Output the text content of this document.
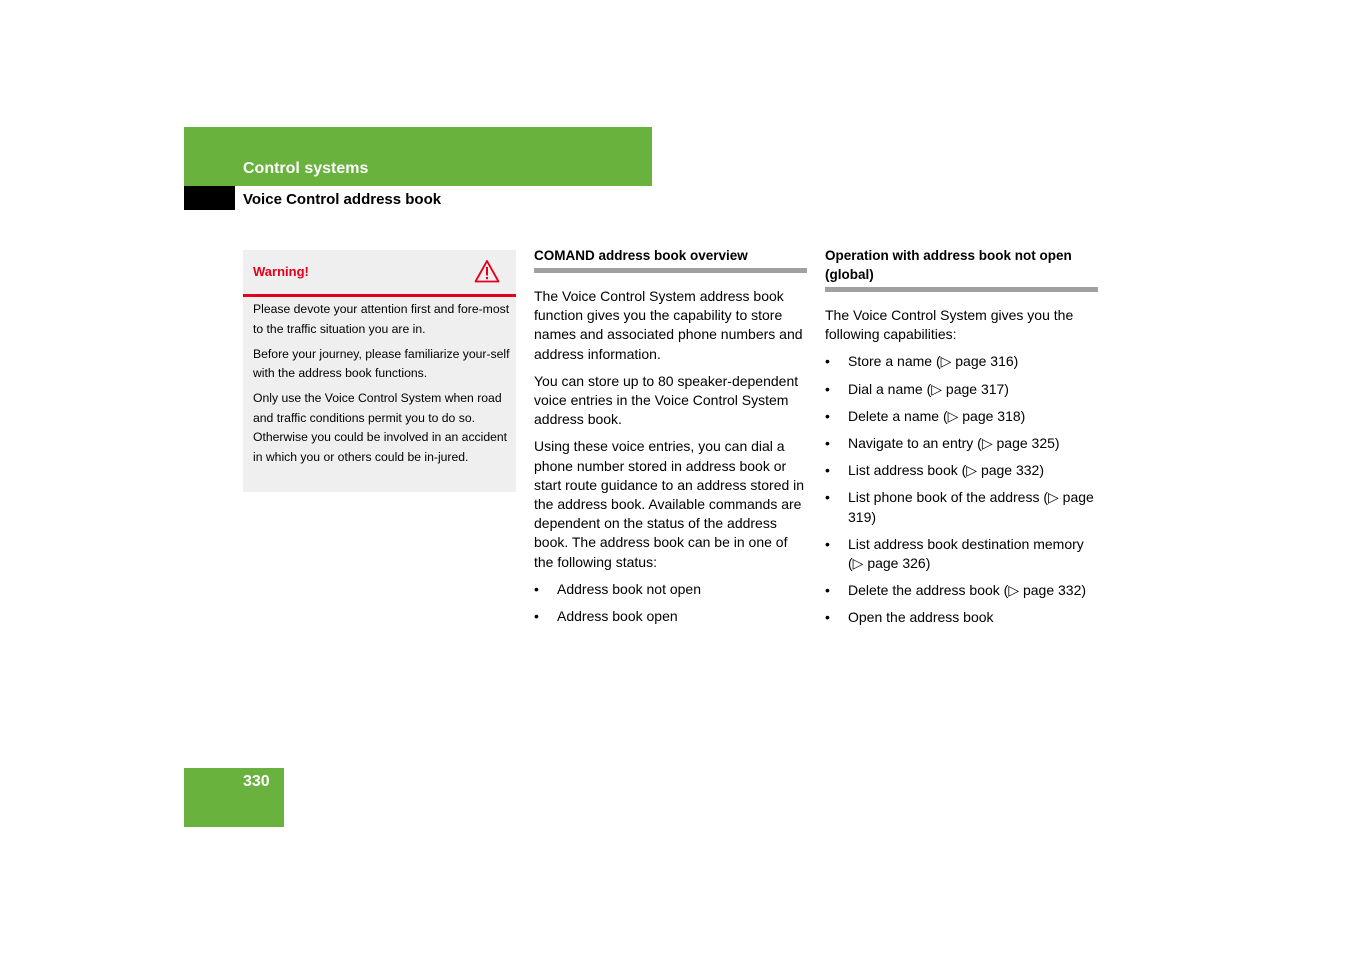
Control systems
Voice Control address book
Warning!

Please devote your attention first and fore-most to the traffic situation you are in.

Before your journey, please familiarize your-self with the address book functions.

Only use the Voice Control System when road and traffic conditions permit you to do so. Otherwise you could be involved in an accident in which you or others could be in-jured.

COMAND address book overview

The Voice Control System address book function gives you the capability to store names and associated phone numbers and address information.

You can store up to 80 speaker-dependent voice entries in the Voice Control System address book.

Using these voice entries, you can dial a phone number stored in address book or start route guidance to an address stored in the address book. Available commands are dependent on the status of the address book. The address book can be in one of the following status:

• Address book not open
• Address book open
Operation with address book not open (global)

The Voice Control System gives you the following capabilities:

• Store a name (▷ page 316)
• Dial a name (▷ page 317)
• Delete a name (▷ page 318)
• Navigate to an entry (▷ page 325)
• List address book (▷ page 332)
• List phone book of the address (▷ page 319)
• List address book destination memory (▷ page 326)
• Delete the address book (▷ page 332)
• Open the address book
330
